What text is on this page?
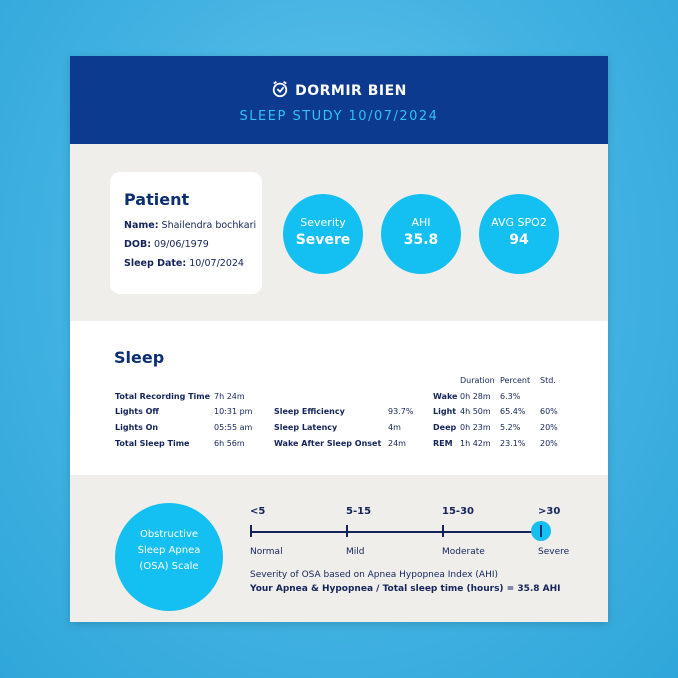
DORMIR BIEN
SLEEP STUDY 10/07/2024
Patient
Name: Shailendra bochkari
DOB: 09/06/1979
Sleep Date: 10/07/2024
Severity
Severe
AHI
35.8
AVG SPO2
94
Sleep
Total Recording Time 7h 24m
Lights Off	10:31 pm
Lights On	05:55 am
Total Sleep Time	6h 56m
Sleep Efficiency	93.7%
Sleep Latency	4m
Wake After Sleep Onset 24m
Duration Percent Std.
Wake 0h 28m 6.3%
Light 4h 50m 65.4% 60%
Deep 0h 23m 5.2% 20%
REM 1h 42m 23.1% 20%
Obstructive
Sleep Apnea
(OSA) Scale
<5	5-15	15-30	>30
Normal	Mild	Moderate	Severe
Severity of OSA based on Apnea Hypopnea Index (AHI)
Your Apnea & Hypopnea / Total sleep time (hours) = 35.8 AHI
